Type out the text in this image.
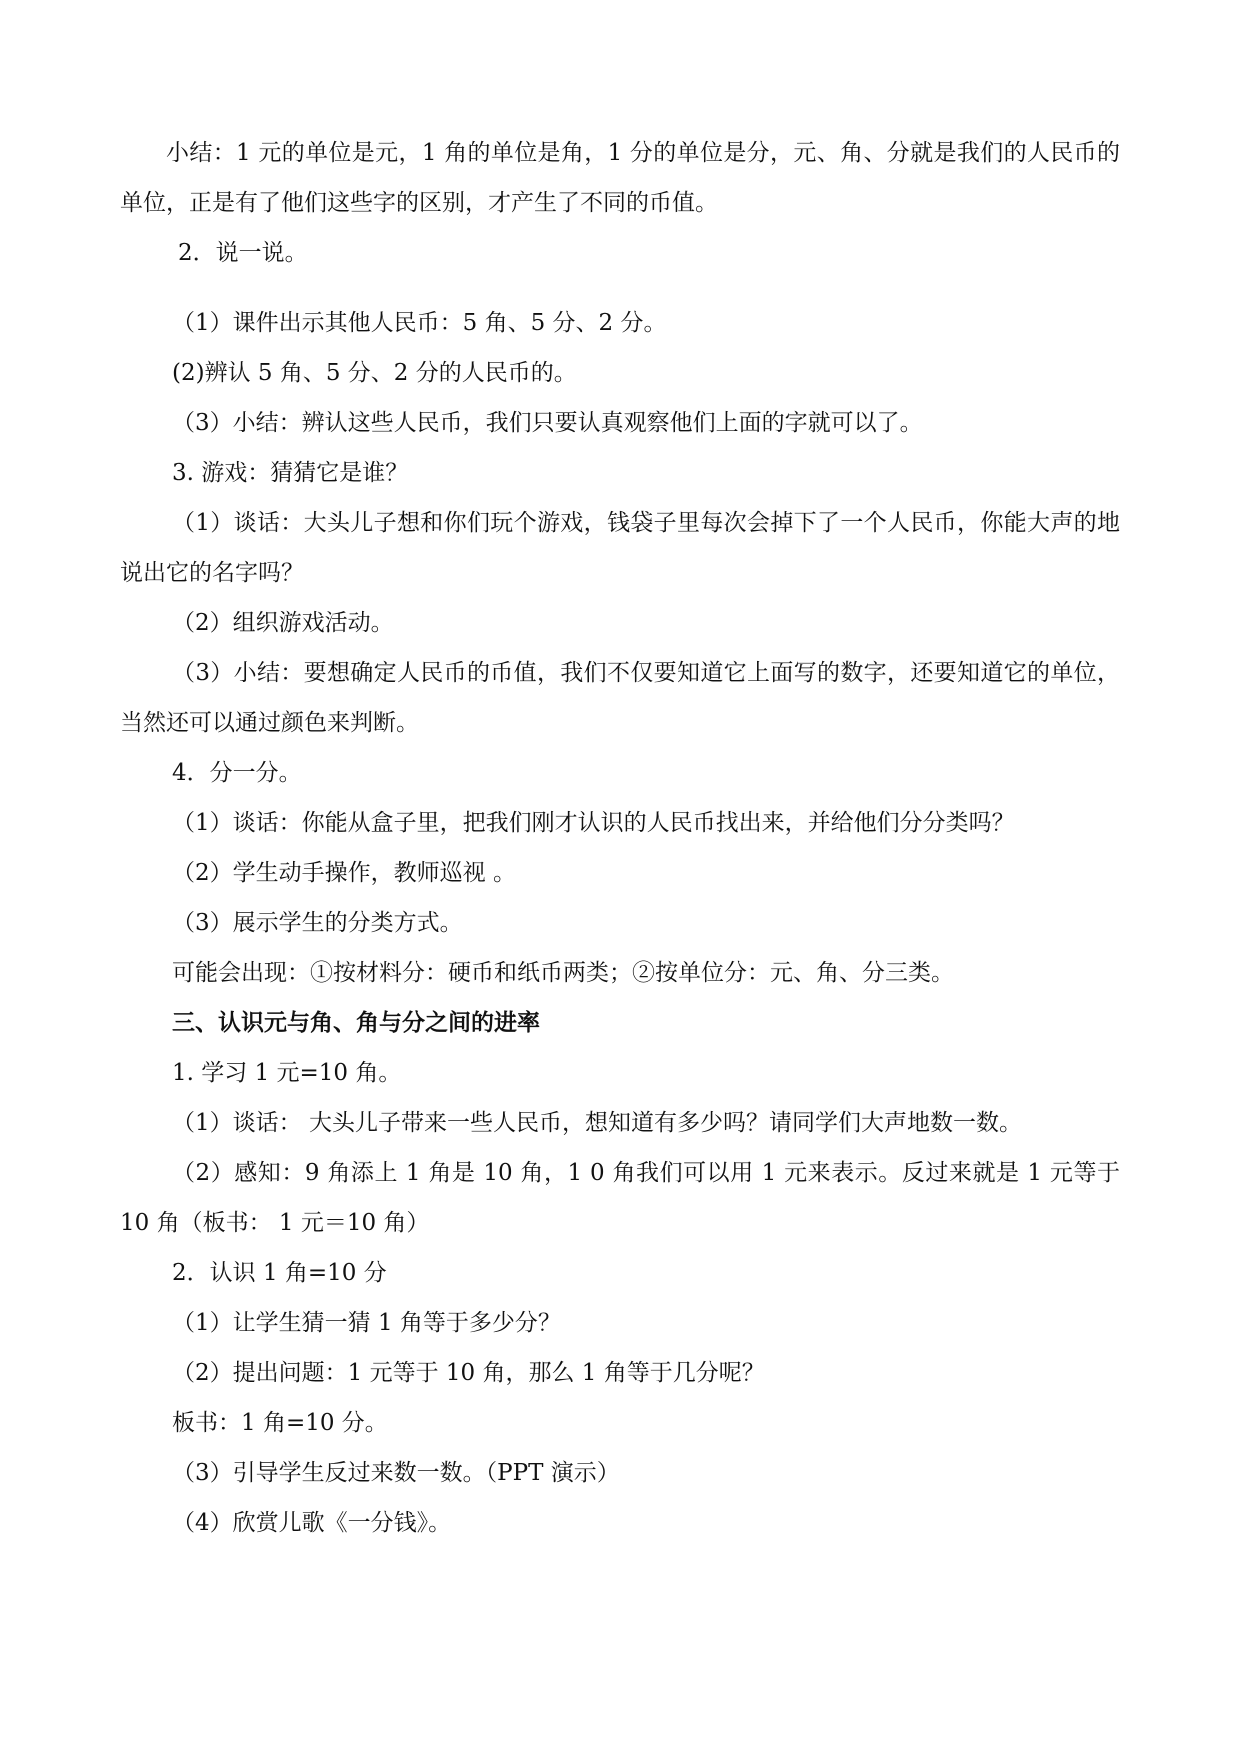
小结：1 元的单位是元，1 角的单位是角，1 分的单位是分，元、角、分就是我们的人民币的单位，正是有了他们这些字的区别，才产生了不同的币值。

2．说一说。

（1）课件出示其他人民币：5 角、5 分、2 分。

(2)辨认 5 角、5 分、2 分的人民币的。

（3）小结：辨认这些人民币，我们只要认真观察他们上面的字就可以了。

3. 游戏：猜猜它是谁？

（1）谈话：大头儿子想和你们玩个游戏，钱袋子里每次会掉下了一个人民币，你能大声的地说出它的名字吗？

（2）组织游戏活动。

（3）小结：要想确定人民币的币值，我们不仅要知道它上面写的数字，还要知道它的单位，当然还可以通过颜色来判断。

4．分一分。

（1）谈话：你能从盒子里，把我们刚才认识的人民币找出来，并给他们分分类吗？

（2）学生动手操作，教师巡视 。

（3）展示学生的分类方式。

可能会出现：①按材料分：硬币和纸币两类；②按单位分：元、角、分三类。

三、认识元与角、角与分之间的进率

1. 学习 1 元=10 角。

（1）谈话： 大头儿子带来一些人民币，想知道有多少吗？请同学们大声地数一数。

（2）感知：9 角添上 1 角是 10 角，1 0 角我们可以用 1 元来表示。反过来就是 1 元等于 10 角（板书： 1 元＝10 角）

2．认识 1 角=10 分

（1）让学生猜一猜 1 角等于多少分？

（2）提出问题：1 元等于 10 角，那么 1 角等于几分呢？

板书：1 角=10 分。

（3）引导学生反过来数一数。（PPT 演示）

（4）欣赏儿歌《一分钱》。
